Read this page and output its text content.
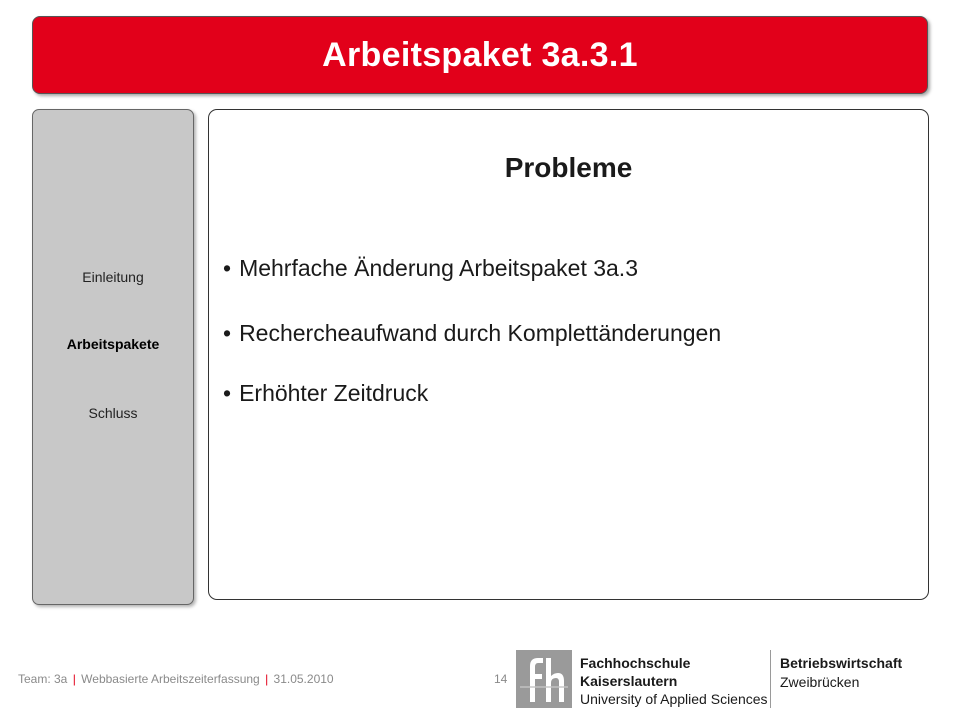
Arbeitspaket 3a.3.1
Einleitung
Arbeitspakete
Schluss
Probleme
• Mehrfache Änderung Arbeitspaket 3a.3
• Rechercheaufwand durch Komplettänderungen
• Erhöhter Zeitdruck
Team: 3a | Webbasierte Arbeitszeiterfassung | 31.05.2010	14
Fachhochschule
Kaiserslautern
University of Applied Sciences
Betriebswirtschaft
Zweibrücken
